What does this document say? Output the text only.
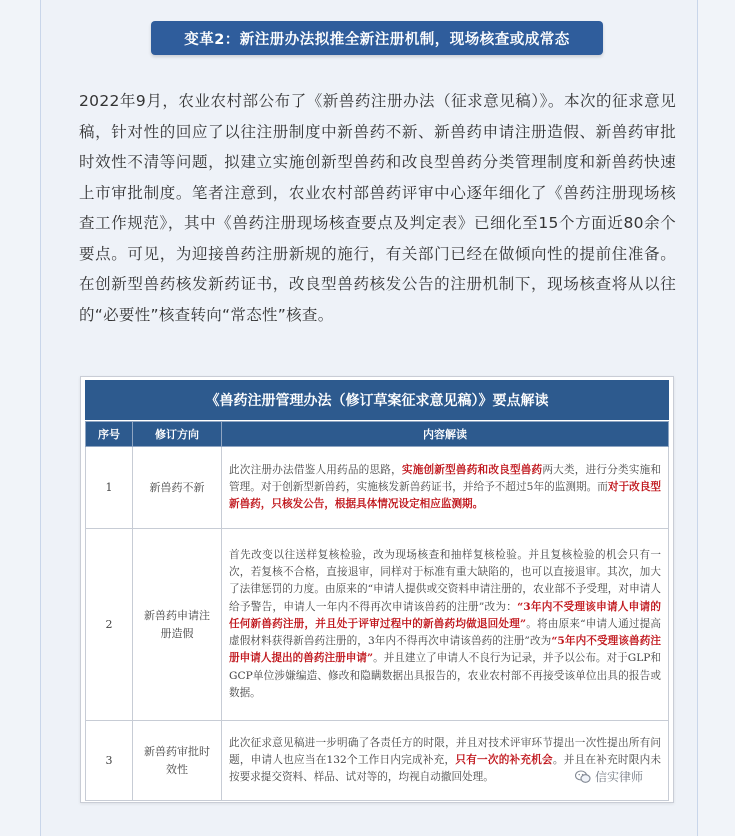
变革2：新注册办法拟推全新注册机制，现场核查或成常态
2022年9月，农业农村部公布了《新兽药注册办法（征求意见稿）》。本次的征求意见稿，针对性的回应了以往注册制度中新兽药不新、新兽药申请注册造假、新兽药审批时效性不清等问题，拟建立实施创新型兽药和改良型兽药分类管理制度和新兽药快速上市审批制度。笔者注意到，农业农村部兽药评审中心逐年细化了《兽药注册现场核查工作规范》，其中《兽药注册现场核查要点及判定表》已细化至15个方面近80余个要点。可见，为迎接兽药注册新规的施行，有关部门已经在做倾向性的提前住准备。在创新型兽药核发新药证书，改良型兽药核发公告的注册机制下，现场核查将从以往的“必要性”核查转向“常态性”核查。
《兽药注册管理办法（修订草案征求意见稿）》要点解读
序号	修订方向	内容解读
1	新兽药不新	此次注册办法借鉴人用药品的思路，实施创新型兽药和改良型兽药两大类，进行分类实施和管理。对于创新型新兽药，实施核发新兽药证书，并给予不超过5年的监测期。而对于改良型新兽药，只核发公告，根据具体情况设定相应监测期。
2	新兽药申请注册造假	首先改变以往送样复核检验，改为现场核查和抽样复核检验。并且复核检验的机会只有一次，若复核不合格，直接退审，同样对于标准有重大缺陷的，也可以直接退审。其次，加大了法律惩罚的力度。由原来的“申请人提供或交资料申请注册的，农业部不予受理，对申请人给予警告，申请人一年内不得再次申请该兽药的注册”改为：“3年内不受理该申请人申请的任何新兽药注册，并且处于评审过程中的新兽药均做退回处理”。将由原来“申请人通过提高虚假材料获得新兽药注册的，3年内不得再次申请该兽药的注册”改为“5年内不受理该兽药注册申请人提出的兽药注册申请”。并且建立了申请人不良行为记录，并予以公布。对于GLP和GCP单位涉嫌编造、修改和隐瞒数据出具报告的，农业农村部不再接受该单位出具的报告或数据。
3	新兽药审批时效性	此次征求意见稿进一步明确了各责任方的时限，并且对技术评审环节提出一次性提出所有问题，申请人也应当在132个工作日内完成补充，只有一次的补充机会。并且在补充时限内未按要求提交资料、样品、试对等的，均视自动撤回处理。	信实律师
